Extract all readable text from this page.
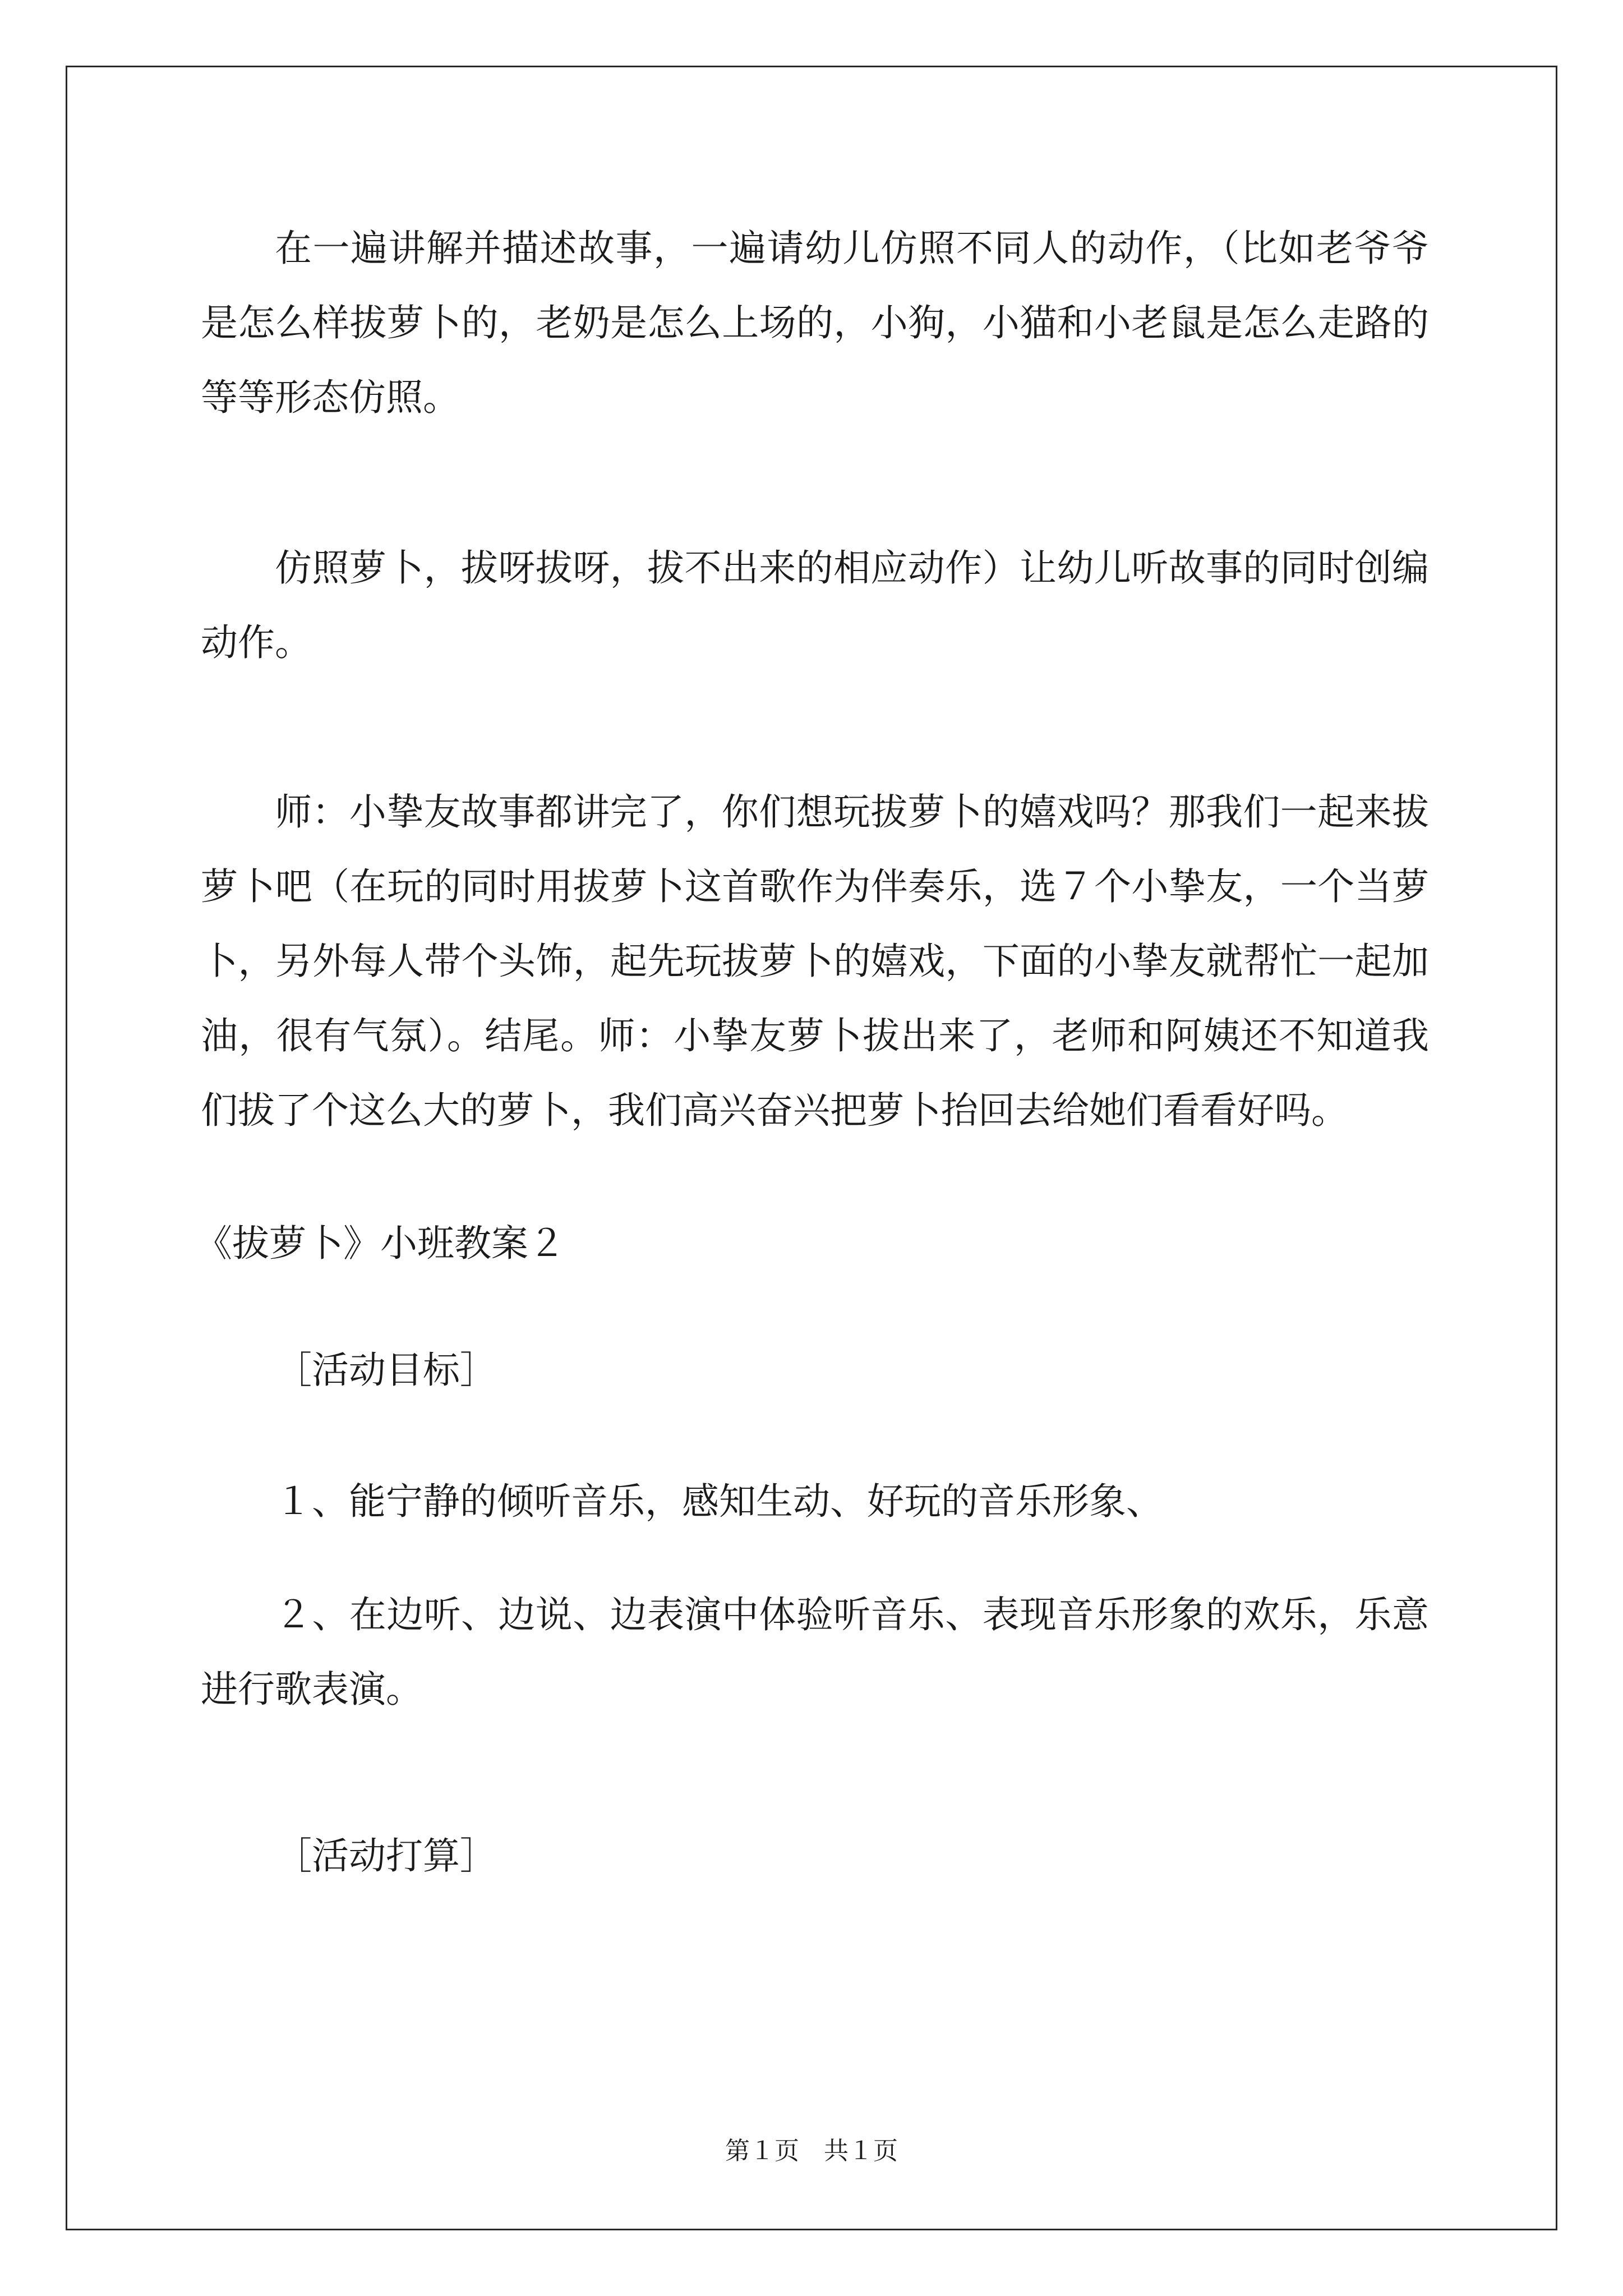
在一遍讲解并描述故事，一遍请幼儿仿照不同人的动作，（比如老爷爷是怎么样拔萝卜的，老奶是怎么上场的，小狗，小猫和小老鼠是怎么走路的等等形态仿照。

仿照萝卜，拔呀拔呀，拔不出来的相应动作）让幼儿听故事的同时创编动作。

师：小挚友故事都讲完了，你们想玩拔萝卜的嬉戏吗？那我们一起来拔萝卜吧（在玩的同时用拔萝卜这首歌作为伴奏乐，选７个小挚友，一个当萝卜，另外每人带个头饰，起先玩拔萝卜的嬉戏，下面的小挚友就帮忙一起加油，很有气氛）。结尾。师：小挚友萝卜拔出来了，老师和阿姨还不知道我们拔了个这么大的萝卜，我们高兴奋兴把萝卜抬回去给她们看看好吗。

《拔萝卜》小班教案２

［活动目标］

１、能宁静的倾听音乐，感知生动、好玩的音乐形象、

２、在边听、边说、边表演中体验听音乐、表现音乐形象的欢乐，乐意进行歌表演。

［活动打算］

第１页　共１页
